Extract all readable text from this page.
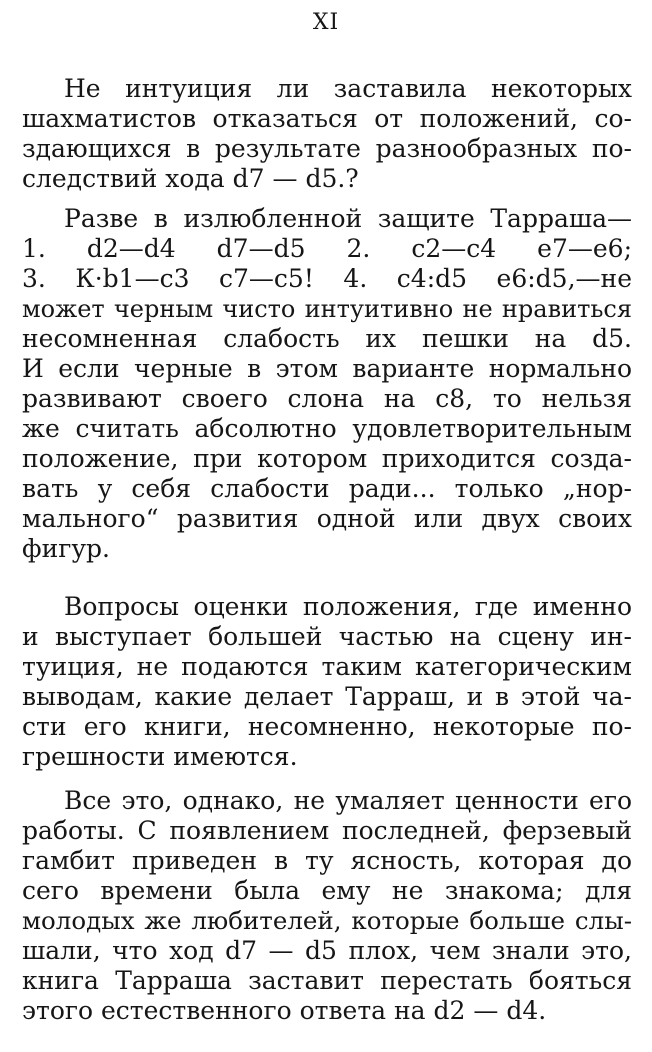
XI
Не интуиция ли заставила некоторых
шахматистов отказаться от положений, со-
здающихся в результате разнообразных по-
следствий хода d7 — d5.?
Разве в излюбленной защите Тарраша—
1. d2—d4 d7—d5 2. c2—c4 e7—e6;
3. К·b1—c3 c7—c5! 4. c4:d5 e6:d5,—не
может черным чисто интуитивно не нравиться
несомненная слабость их пешки на d5.
И если черные в этом варианте нормально
развивают своего слона на c8, то нельзя
же считать абсолютно удовлетворительным
положение, при котором приходится созда-
вать у себя слабости ради... только „нор-
мального“ развития одной или двух своих
фигур.
Вопросы оценки положения, где именно
и выступает большей частью на сцену ин-
туиция, не подаются таким категорическим
выводам, какие делает Тарраш, и в этой ча-
сти его книги, несомненно, некоторые по-
грешности имеются.
Все это, однако, не умаляет ценности его
работы. С появлением последней, ферзевый
гамбит приведен в ту ясность, которая до
сего времени была ему не знакома; для
молодых же любителей, которые больше слы-
шали, что ход d7 — d5 плох, чем знали это,
книга Тарраша заставит перестать бояться
этого естественного ответа на d2 — d4.
